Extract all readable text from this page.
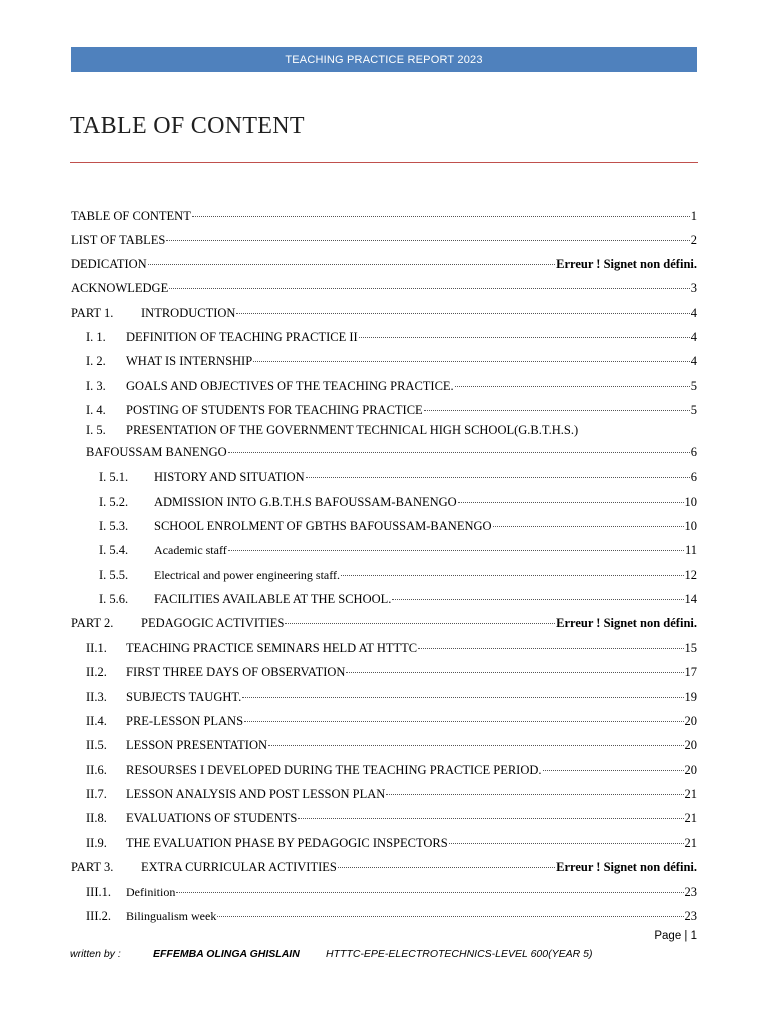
TEACHING PRACTICE REPORT 2023
TABLE OF CONTENT
TABLE OF CONTENT	1
LIST OF TABLES	2
DEDICATION	Erreur ! Signet non défini.
ACKNOWLEDGE	3
PART 1.	INTRODUCTION	4
I. 1.	DEFINITION OF TEACHING PRACTICE II	4
I. 2.	WHAT IS INTERNSHIP	4
I. 3.	GOALS AND OBJECTIVES OF THE TEACHING PRACTICE.	5
I. 4.	POSTING OF STUDENTS FOR TEACHING PRACTICE	5
I. 5.	PRESENTATION OF THE GOVERNMENT TECHNICAL HIGH SCHOOL(G.B.T.H.S.)
BAFOUSSAM BANENGO	6
I. 5.1.	HISTORY AND SITUATION	6
I. 5.2.	ADMISSION INTO G.B.T.H.S BAFOUSSAM-BANENGO	10
I. 5.3.	SCHOOL ENROLMENT OF GBTHS BAFOUSSAM-BANENGO	10
I. 5.4.	Academic staff	11
I. 5.5.	Electrical and power engineering staff.	12
I. 5.6.	FACILITIES AVAILABLE AT THE SCHOOL.	14
PART 2.	PEDAGOGIC ACTIVITIES	Erreur ! Signet non défini.
II.1.	TEACHING PRACTICE SEMINARS HELD AT HTTTC	15
II.2.	FIRST THREE DAYS OF OBSERVATION	17
II.3.	SUBJECTS TAUGHT.	19
II.4.	PRE-LESSON PLANS	20
II.5.	LESSON PRESENTATION	20
II.6.	RESOURSES I DEVELOPED DURING THE TEACHING PRACTICE PERIOD.	20
II.7.	LESSON ANALYSIS AND POST LESSON PLAN	21
II.8.	EVALUATIONS OF STUDENTS	21
II.9.	THE EVALUATION PHASE BY PEDAGOGIC INSPECTORS	21
PART 3.	EXTRA CURRICULAR ACTIVITIES	Erreur ! Signet non défini.
III.1.	Definition	23
III.2.	Bilingualism week	23
Page | 1
written by :	EFFEMBA OLINGA GHISLAIN HTTTC-EPE-ELECTROTECHNICS-LEVEL 600(YEAR 5)
